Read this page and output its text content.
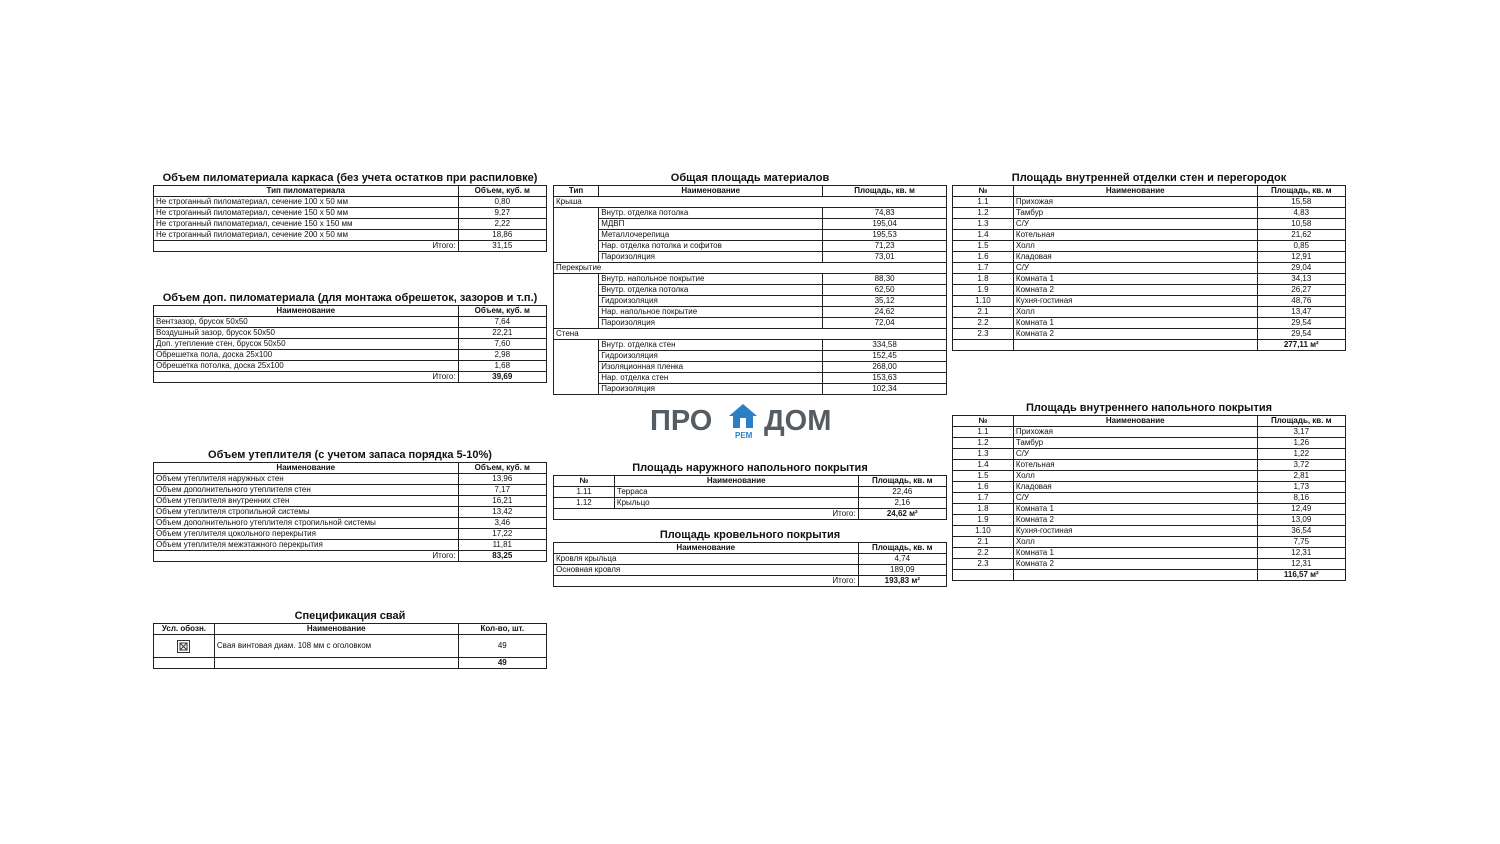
Объем пиломатериала каркаса (без учета остатков при распиловке)
Тип пиломатериала	Объем, куб. м
Не строганный пиломатериал, сечение 100 х 50 мм	0,80
Не строганный пиломатериал, сечение 150 х 50 мм	9,27
Не строганный пиломатериал, сечение 150 х 150 мм	2,22
Не строганный пиломатериал, сечение 200 х 50 мм	18,86
Итого:	31,15
Объем доп. пиломатериала (для монтажа обрешеток, зазоров и т.п.)
Наименование	Объем, куб. м
Вентзазор, брусок 50х50	7,64
Воздушный зазор, брусок 50х50	22,21
Доп. утепление стен, брусок 50х50	7,60
Обрешетка пола, доска 25х100	2,98
Обрешетка потолка, доска 25х100	1,68
Итого:	39,69
Объем утеплителя (с учетом запаса порядка 5-10%)
Наименование	Объем, куб. м
Объем утеплителя наружных стен	13,96
Объем дополнительного утеплителя стен	7,17
Объем утеплителя внутренних стен	16,21
Объем утеплителя стропильной системы	13,42
Объем дополнительного утеплителя стропильной системы	3,46
Объем утеплителя цокольного перекрытия	17,22
Объем утеплителя межэтажного перекрытия	11,81
Итого:	83,25
Спецификация свай
Усл. обозн.	Наименование	Кол-во, шт.

	Свая винтовая диам. 108 мм с оголовком	49
		49
Общая площадь материалов
Тип	Наименование	Площадь, кв. м
Крыша		
	Внутр. отделка потолка	74,83
	МДВП	195,04
	Металлочерепица	195,53
	Нар. отделка потолка и софитов	71,23
	Пароизоляция	73,01
Перекрытие		
	Внутр. напольное покрытие	88,30
	Внутр. отделка потолка	62,50
	Гидроизоляция	35,12
	Нар. напольное покрытие	24,62
	Пароизоляция	72,04
Стена		
	Внутр. отделка стен	334,58
	Гидроизоляция	152,45
	Изоляционная пленка	268,00
	Нар. отделка стен	153,63
	Пароизоляция	102,34
ПРО	РЕМ ДОМ
Площадь наружного напольного покрытия
№	Наименование	Площадь, кв. м
1.11	Терраса	22,46
1.12	Крыльцо	2,16
Итого:		24,62 м²
Площадь кровельного покрытия
Наименование	Площадь, кв. м
Кровля крыльца	4,74
Основная кровля	189,09
Итого:	193,83 м²
Площадь внутренней отделки стен и перегородок
№	Наименование	Площадь, кв. м
1.1	Прихожая	15,58
1.2	Тамбур	4,83
1.3	С/У	10,58
1.4	Котельная	21,62
1.5	Холл	0,85
1.6	Кладовая	12,91
1.7	С/У	29,04
1.8	Комната 1	34,13
1.9	Комната 2	26,27
1.10	Кухня-гостиная	48,76
2.1	Холл	13,47
2.2	Комната 1	29,54
2.3	Комната 2	29,54
		277,11 м²
Площадь внутреннего напольного покрытия
№	Наименование	Площадь, кв. м
1.1	Прихожая	3,17
1.2	Тамбур	1,26
1.3	С/У	1,22
1.4	Котельная	3,72
1.5	Холл	2,81
1.6	Кладовая	1,73
1.7	С/У	8,16
1.8	Комната 1	12,49
1.9	Комната 2	13,09
1.10	Кухня-гостиная	36,54
2.1	Холл	7,75
2.2	Комната 1	12,31
2.3	Комната 2	12,31
		116,57 м²
